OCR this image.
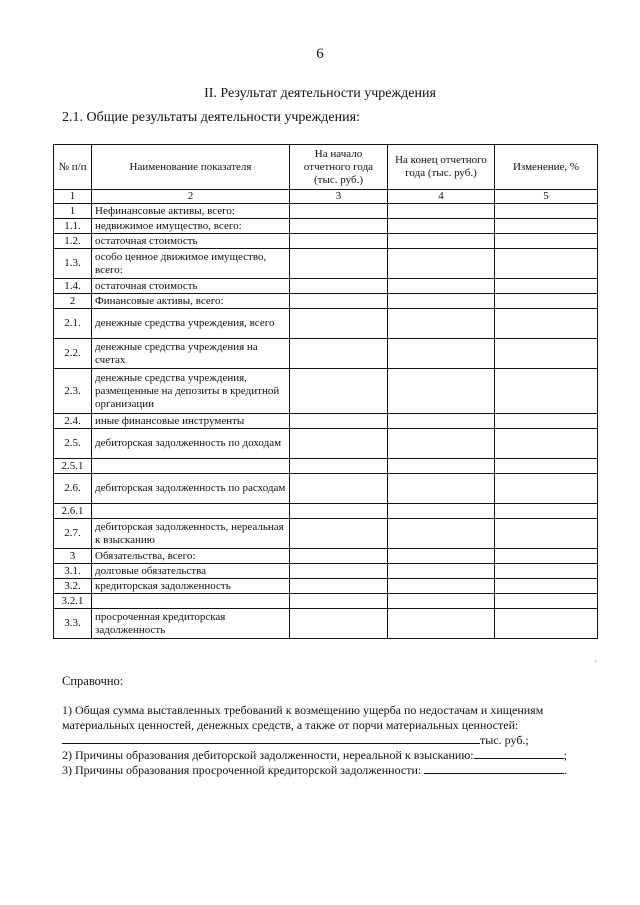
6
II. Результат деятельности учреждения
2.1. Общие результаты деятельности учреждения:
№ п/п	Наименование показателя	На начало отчетного года (тыс. руб.)	На конец отчетного года (тыс. руб.)	Изменение, %
1	2	3	4	5
1	Нефинансовые активы, всего:			
1.1.	недвижимое имущество, всего:			
1.2.	остаточная стоимость			
1.3.	особо ценное движимое имущество, всего:			
1.4.	остаточная стоимость			
2	Финансовые активы, всего:			
2.1.	денежные средства учреждения, всего			
2.2.	денежные средства учреждения на счетах			
2.3.	денежные средства учреждения, размещенные на депозиты в кредитной организации			
2.4.	иные финансовые инструменты			
2.5.	дебиторская задолженность по доходам			
2.5.1				
2.6.	дебиторская задолженность по расходам			
2.6.1				
2.7.	дебиторская задолженность, нереальная к взысканию			
3	Обязательства, всего:			
3.1.	долговые обязательства			
3.2.	кредиторская задолженность			
3.2.1				
3.3.	просроченная кредиторская задолженность			
ˋ
Справочно:
1) Общая сумма выставленных требований к возмещению ущерба по недостачам и хищениям материальных ценностей, денежных средств, а также от порчи материальных ценностей:тыс. руб.;
2) Причины образования дебиторской задолженности, нереальной к взысканию:	;
3) Причины образования просроченной кредиторской задолженности:	.
